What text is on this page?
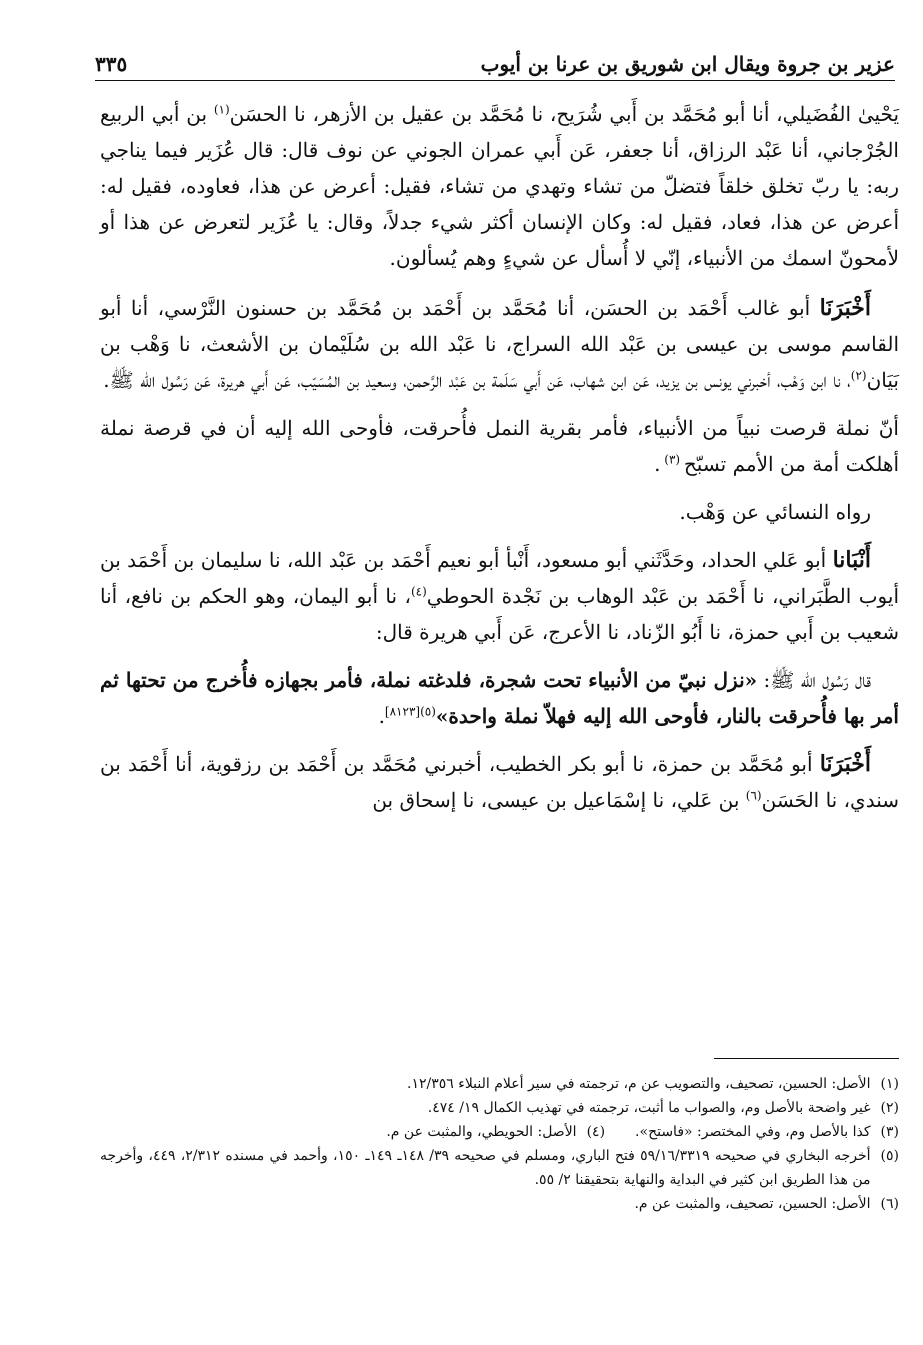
عزير بن جروة ويقال ابن شوريق بن عرنا بن أيوب
٣٣٥

يَحْيىٰ الفُضَيلي، أنا أبو مُحَمَّد بن أَبي شُرَيح، نا مُحَمَّد بن عقيل بن الأزهر، نا الحسَن$^{(١)}$ بن أبي الربيع الجُرْجاني، أنا عَبْد الرزاق، أنا جعفر، عَن أَبي عمران الجوني عن نوف قال: قال عُزَير فيما يناجي ربه: يا ربّ تخلق خلقاً فتضلّ من تشاء وتهدي من تشاء، فقيل: أعرض عن هذا، فعاوده، فقيل له: أعرض عن هذا، فعاد، فقيل له: وكان الإنسان أكثر شيء جدلاً، وقال: يا عُزَير لتعرض عن هذا أو لأمحونّ اسمك من الأنبياء، إنّي لا أُسأل عن شيءٍ وهم يُسألون.

أَخْبَرَنَا أبو غالب أَحْمَد بن الحسَن، أنا مُحَمَّد بن أَحْمَد بن مُحَمَّد بن حسنون النَّرْسي، أنا أبو القاسم موسى بن عيسى بن عَبْد الله السراج، نا عَبْد الله بن سُلَيْمان بن الأشعث، نا وَهْب بن بَيَان$^{(٢)}$، نا ابن وَهْب، أخبرني يونس بن يزيد، عَن ابن شهاب، عَن أَبي سَلَمة بن عَبْد الرَّحمن، وسعيد بن المُسَيّب، عَن أَبي هريرة، عَن رَسُول الله ﷺ.

أنّ نملة قرصت نبياً من الأنبياء، فأمر بقرية النمل فأُحرقت، فأوحى الله إليه أن في قرصة نملة أهلكت أمة من الأمم تسبّح $^{(٣)}$ .

رواه النسائي عن وَهْب.

أَنْبَانا أبو عَلي الحداد، وحَدَّثَني أبو مسعود، أَنْبأ أبو نعيم أَحْمَد بن عَبْد الله، نا سليمان بن أَحْمَد بن أيوب الطَّبَراني، نا أَحْمَد بن عَبْد الوهاب بن نَجْدة الحوطي$^{(٤)}$، نا أبو اليمان، وهو الحكم بن نافع، أنا شعيب بن أَبي حمزة، نا أَبُو الزّناد، نا الأعرج، عَن أَبي هريرة قال:

قال رَسُول الله ﷺ: «نزل نبيّ من الأنبياء تحت شجرة، فلدغته نملة، فأمر بجهازه فأُخرج من تحتها ثم أمر بها فأُحرقت بالنار، فأوحى الله إليه فهلاّ نملة واحدة»$^{(٥)[٨١٢٣]}$.

أَخْبَرَنَا أبو مُحَمَّد بن حمزة، نا أبو بكر الخطيب، أخبرني مُحَمَّد بن أَحْمَد بن رزقوية، أنا أَحْمَد بن سندي، نا الحَسَن$^{(٦)}$ بن عَلي، نا إسْمَاعيل بن عيسى، نا إسحاق بن

(١)
الأصل: الحسين، تصحيف، والتصويب عن م، ترجمته في سير أعلام النبلاء ١٢/٣٥٦.
(٢)
غير واضحة بالأصل وم، والصواب ما أثبت، ترجمته في تهذيب الكمال ١٩/ ٤٧٤.
(٣)
كذا بالأصل وم، وفي المختصر: «فاستح».
(٤)
الأصل: الحويطي، والمثبت عن م.
(٥)
أخرجه البخاري في صحيحه ٥٩/١٦/٣٣١٩ فتح الباري، ومسلم في صحيحه ٣٩/ ١٤٨ـ ١٤٩ـ ١٥٠، وأحمد في مسنده ٢/٣١٢، ٤٤٩، وأخرجه من هذا الطريق ابن كثير في البداية والنهاية بتحقيقنا ٢/ ٥٥.
(٦)
الأصل: الحسين، تصحيف، والمثبت عن م.
